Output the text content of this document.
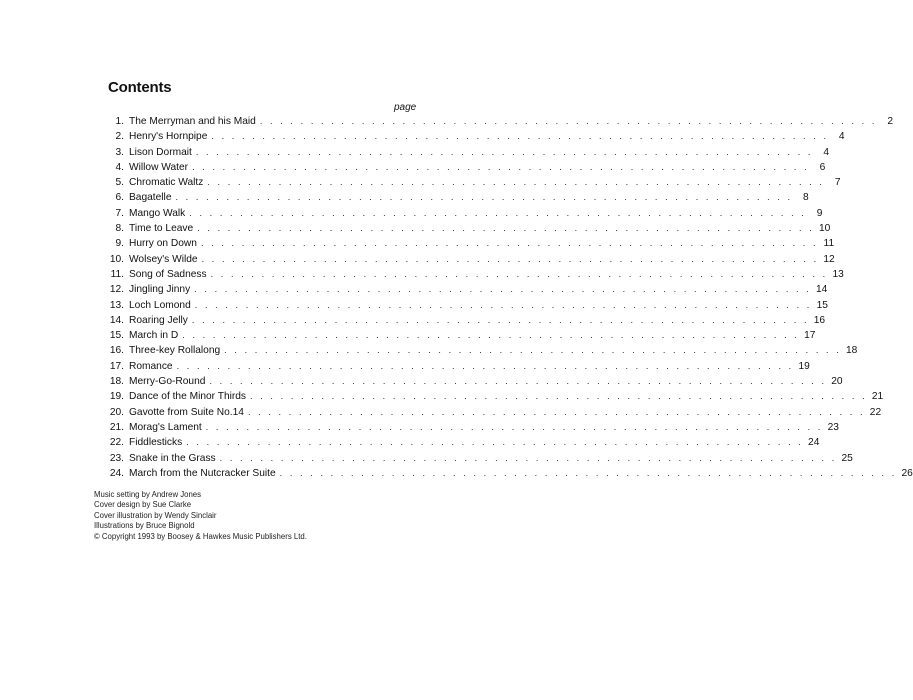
Contents
page
1. The Merryman and his Maid . . . . . . . . . . . . . . . . . . . . . . . . . . . . . . . . . . . . . . . . . . . . . . . . . . . . . . . . . . . . .	2
2. Henry's Hornpipe . . . . . . . . . . . . . . . . . . . . . . . . . . . . . . . . . . . . . . . . . . . . . . . . . . . . . . . . . . . . .	4
3. Lison Dormait . . . . . . . . . . . . . . . . . . . . . . . . . . . . . . . . . . . . . . . . . . . . . . . . . . . . . . . . . . . . .	4
4. Willow Water . . . . . . . . . . . . . . . . . . . . . . . . . . . . . . . . . . . . . . . . . . . . . . . . . . . . . . . . . . . . .	6
5. Chromatic Waltz . . . . . . . . . . . . . . . . . . . . . . . . . . . . . . . . . . . . . . . . . . . . . . . . . . . . . . . . . . . . .	7
6. Bagatelle . . . . . . . . . . . . . . . . . . . . . . . . . . . . . . . . . . . . . . . . . . . . . . . . . . . . . . . . . . . . .	8
7. Mango Walk . . . . . . . . . . . . . . . . . . . . . . . . . . . . . . . . . . . . . . . . . . . . . . . . . . . . . . . . . . . . .	9
8. Time to Leave . . . . . . . . . . . . . . . . . . . . . . . . . . . . . . . . . . . . . . . . . . . . . . . . . . . . . . . . . . . . . 10
9. Hurry on Down . . . . . . . . . . . . . . . . . . . . . . . . . . . . . . . . . . . . . . . . . . . . . . . . . . . . . . . . . . . . . 11
10. Wolsey's Wilde . . . . . . . . . . . . . . . . . . . . . . . . . . . . . . . . . . . . . . . . . . . . . . . . . . . . . . . . . . . . . 12
11. Song of Sadness . . . . . . . . . . . . . . . . . . . . . . . . . . . . . . . . . . . . . . . . . . . . . . . . . . . . . . . . . . . . . 13
12. Jingling Jinny . . . . . . . . . . . . . . . . . . . . . . . . . . . . . . . . . . . . . . . . . . . . . . . . . . . . . . . . . . . . . 14
13. Loch Lomond . . . . . . . . . . . . . . . . . . . . . . . . . . . . . . . . . . . . . . . . . . . . . . . . . . . . . . . . . . . . . 15
14. Roaring Jelly . . . . . . . . . . . . . . . . . . . . . . . . . . . . . . . . . . . . . . . . . . . . . . . . . . . . . . . . . . . . . 16
15. March in D . . . . . . . . . . . . . . . . . . . . . . . . . . . . . . . . . . . . . . . . . . . . . . . . . . . . . . . . . . . . . 17
16. Three-key Rollalong . . . . . . . . . . . . . . . . . . . . . . . . . . . . . . . . . . . . . . . . . . . . . . . . . . . . . . . . . . . . . 18
17. Romance . . . . . . . . . . . . . . . . . . . . . . . . . . . . . . . . . . . . . . . . . . . . . . . . . . . . . . . . . . . . . 19
18. Merry-Go-Round . . . . . . . . . . . . . . . . . . . . . . . . . . . . . . . . . . . . . . . . . . . . . . . . . . . . . . . . . . . . . 20
19. Dance of the Minor Thirds . . . . . . . . . . . . . . . . . . . . . . . . . . . . . . . . . . . . . . . . . . . . . . . . . . . . . . . . . . . . . 21
20. Gavotte from Suite No.14 . . . . . . . . . . . . . . . . . . . . . . . . . . . . . . . . . . . . . . . . . . . . . . . . . . . . . . . . . . . . . 22
21. Morag's Lament . . . . . . . . . . . . . . . . . . . . . . . . . . . . . . . . . . . . . . . . . . . . . . . . . . . . . . . . . . . . . 23
22. Fiddlesticks . . . . . . . . . . . . . . . . . . . . . . . . . . . . . . . . . . . . . . . . . . . . . . . . . . . . . . . . . . . . . 24
23. Snake in the Grass . . . . . . . . . . . . . . . . . . . . . . . . . . . . . . . . . . . . . . . . . . . . . . . . . . . . . . . . . . . . . 25
24. March from the Nutcracker Suite . . . . . . . . . . . . . . . . . . . . . . . . . . . . . . . . . . . . . . . . . . . . . . . . . . . . . . . . . . . . . 26
Music setting by Andrew Jones
Cover design by Sue Clarke
Cover illustration by Wendy Sinclair
Illustrations by Bruce Bignold
© Copyright 1993 by Boosey & Hawkes Music Publishers Ltd.
